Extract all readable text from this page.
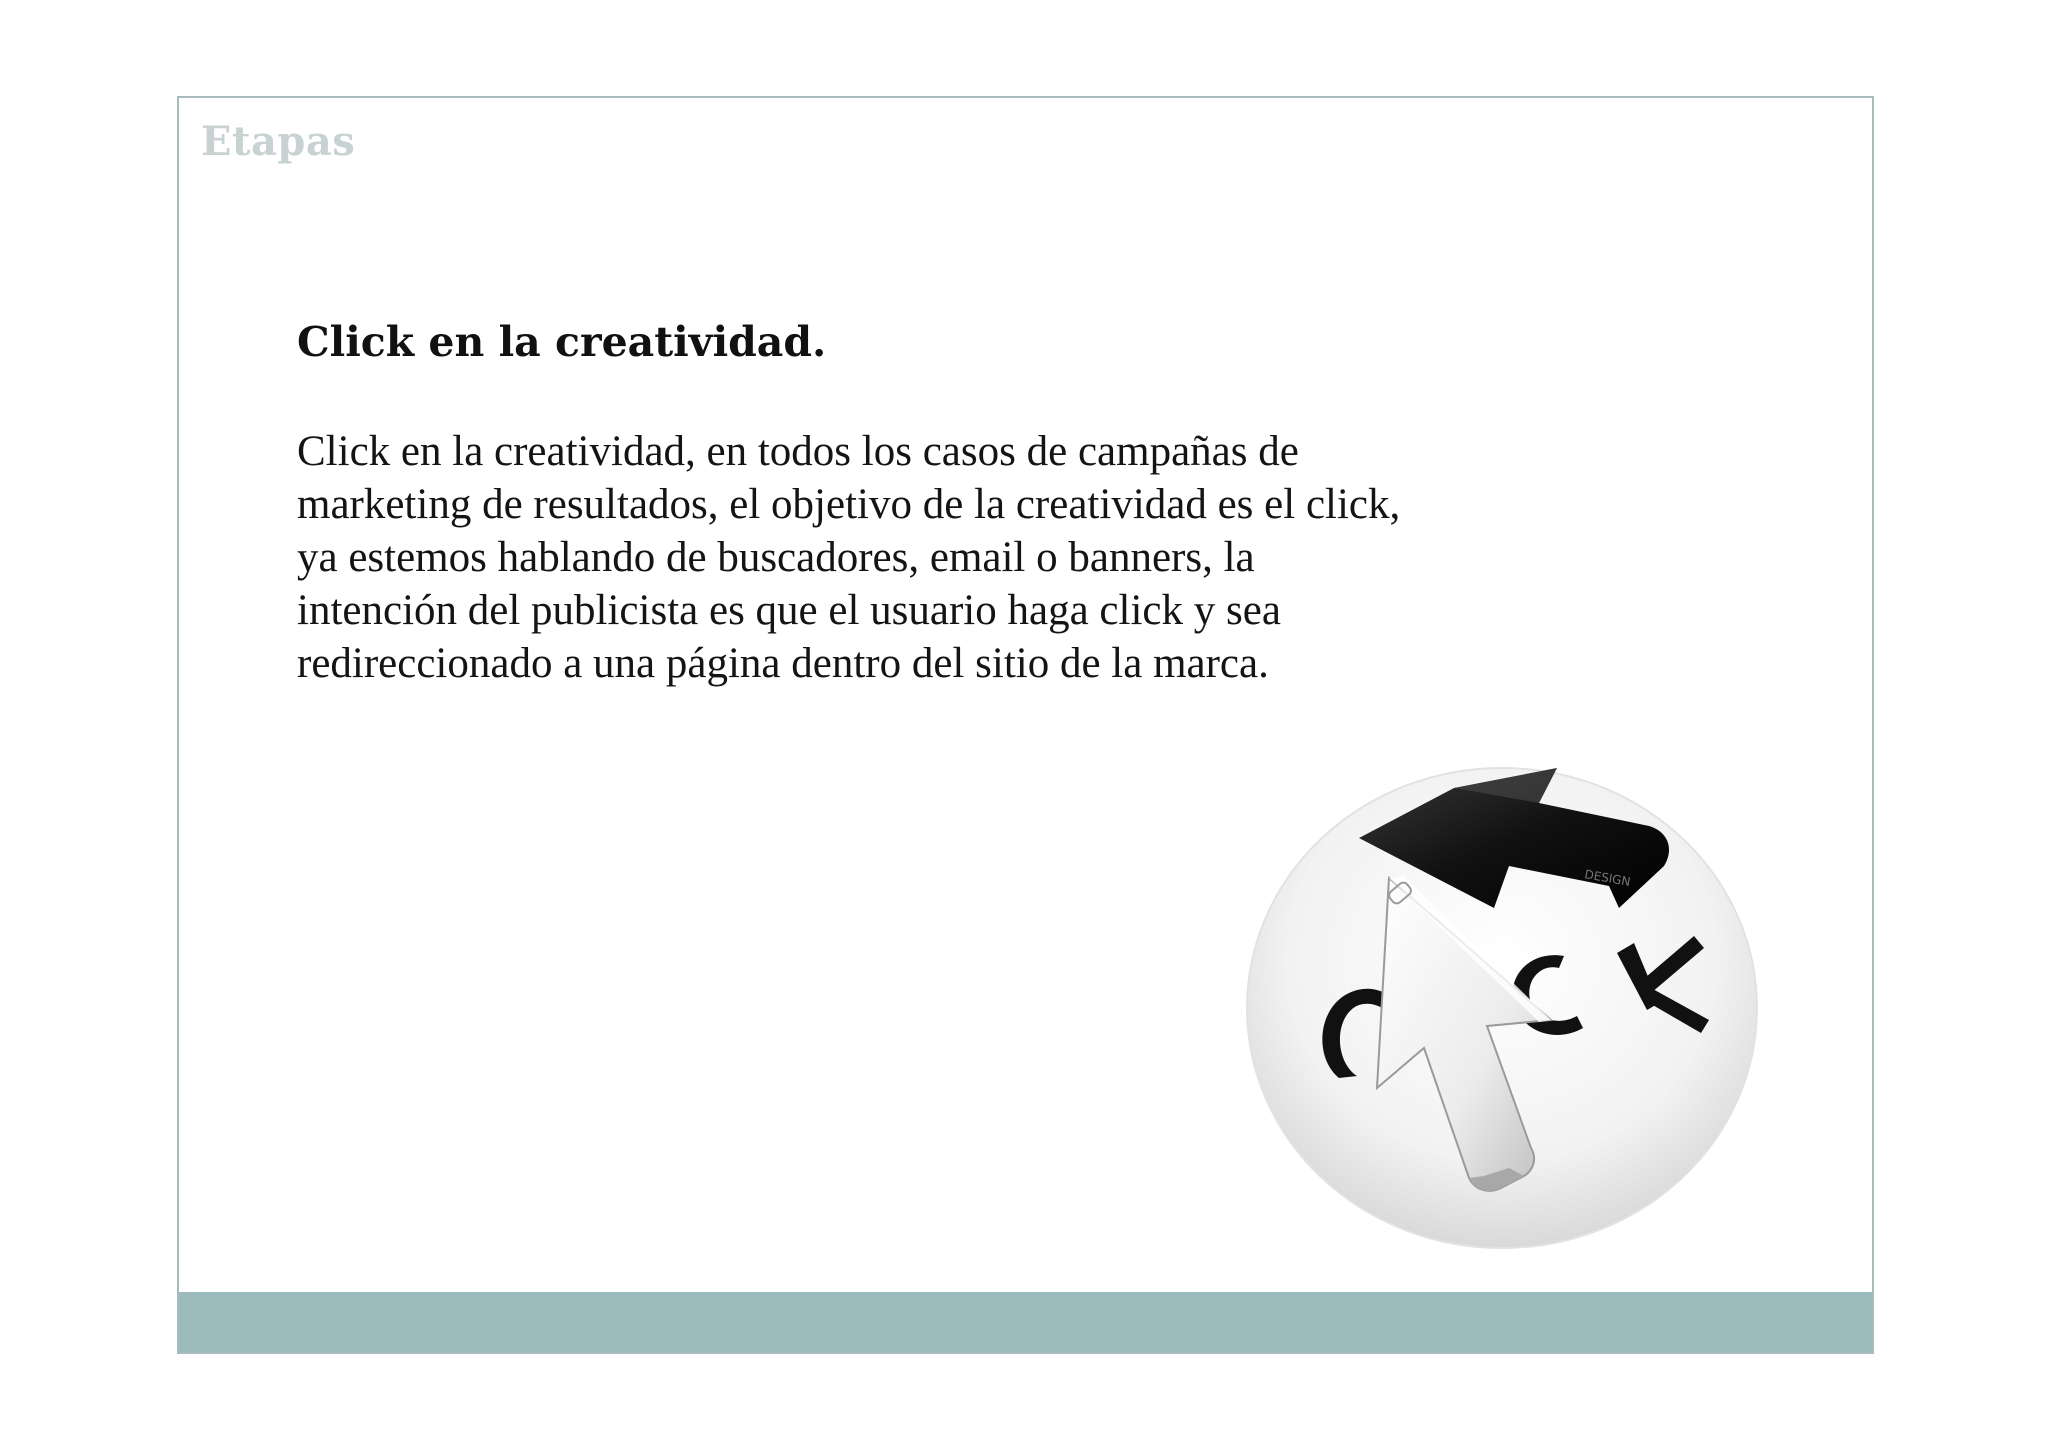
Etapas

Click en la creatividad.

Click en la creatividad, en todos los casos de campañas de
marketing de resultados, el objetivo de la creatividad es el click,
ya estemos hablando de buscadores, email o banners, la
intención del publicista es que el usuario haga click y sea
redireccionado a una página dentro del sitio de la marca.

DESIGN
